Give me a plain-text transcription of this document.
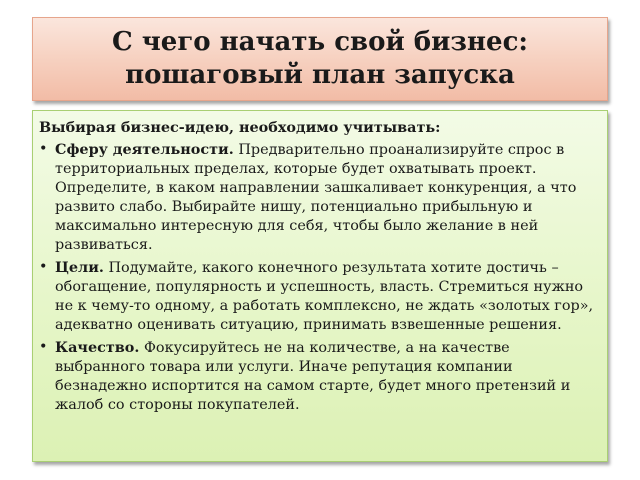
С чего начать свой бизнес:
пошаговый план запуска

Выбирая бизнес-идею, необходимо учитывать:

• Сферу деятельности. Предварительно проанализируйте спрос в территориальных пределах, которые будет охватывать проект. Определите, в каком направлении зашкаливает конкуренция, а что развито слабо. Выбирайте нишу, потенциально прибыльную и максимально интересную для себя, чтобы было желание в ней развиваться.
• Цели. Подумайте, какого конечного результата хотите достичь – обогащение, популярность и успешность, власть. Стремиться нужно не к чему-то одному, а работать комплексно, не ждать «золотых гор», адекватно оценивать ситуацию, принимать взвешенные решения.
• Качество. Фокусируйтесь не на количестве, а на качестве выбранного товара или услуги. Иначе репутация компании безнадежно испортится на самом старте, будет много претензий и жалоб со стороны покупателей.
